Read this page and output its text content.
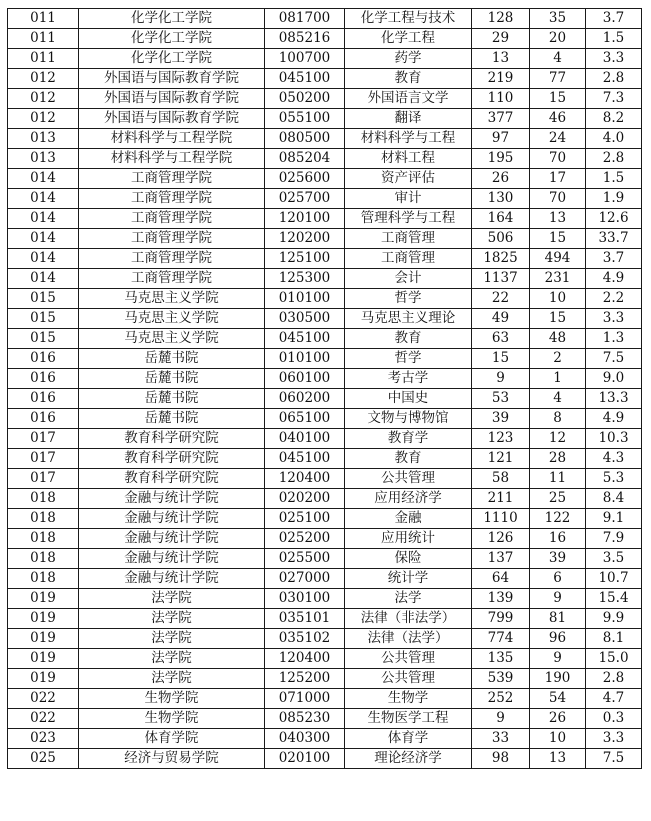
011	化学化工学院	081700	化学工程与技术	128	35	3.7
011	化学化工学院	085216	化学工程	29	20	1.5
011	化学化工学院	100700	药学	13	4	3.3
012	外国语与国际教育学院	045100	教育	219	77	2.8
012	外国语与国际教育学院	050200	外国语言文学	110	15	7.3
012	外国语与国际教育学院	055100	翻译	377	46	8.2
013	材料科学与工程学院	080500	材料科学与工程	97	24	4.0
013	材料科学与工程学院	085204	材料工程	195	70	2.8
014	工商管理学院	025600	资产评估	26	17	1.5
014	工商管理学院	025700	审计	130	70	1.9
014	工商管理学院	120100	管理科学与工程	164	13	12.6
014	工商管理学院	120200	工商管理	506	15	33.7
014	工商管理学院	125100	工商管理	1825	494	3.7
014	工商管理学院	125300	会计	1137	231	4.9
015	马克思主义学院	010100	哲学	22	10	2.2
015	马克思主义学院	030500	马克思主义理论	49	15	3.3
015	马克思主义学院	045100	教育	63	48	1.3
016	岳麓书院	010100	哲学	15	2	7.5
016	岳麓书院	060100	考古学	9	1	9.0
016	岳麓书院	060200	中国史	53	4	13.3
016	岳麓书院	065100	文物与博物馆	39	8	4.9
017	教育科学研究院	040100	教育学	123	12	10.3
017	教育科学研究院	045100	教育	121	28	4.3
017	教育科学研究院	120400	公共管理	58	11	5.3
018	金融与统计学院	020200	应用经济学	211	25	8.4
018	金融与统计学院	025100	金融	1110	122	9.1
018	金融与统计学院	025200	应用统计	126	16	7.9
018	金融与统计学院	025500	保险	137	39	3.5
018	金融与统计学院	027000	统计学	64	6	10.7
019	法学院	030100	法学	139	9	15.4
019	法学院	035101	法律（非法学）	799	81	9.9
019	法学院	035102	法律（法学）	774	96	8.1
019	法学院	120400	公共管理	135	9	15.0
019	法学院	125200	公共管理	539	190	2.8
022	生物学院	071000	生物学	252	54	4.7
022	生物学院	085230	生物医学工程	9	26	0.3
023	体育学院	040300	体育学	33	10	3.3
025	经济与贸易学院	020100	理论经济学	98	13	7.5
